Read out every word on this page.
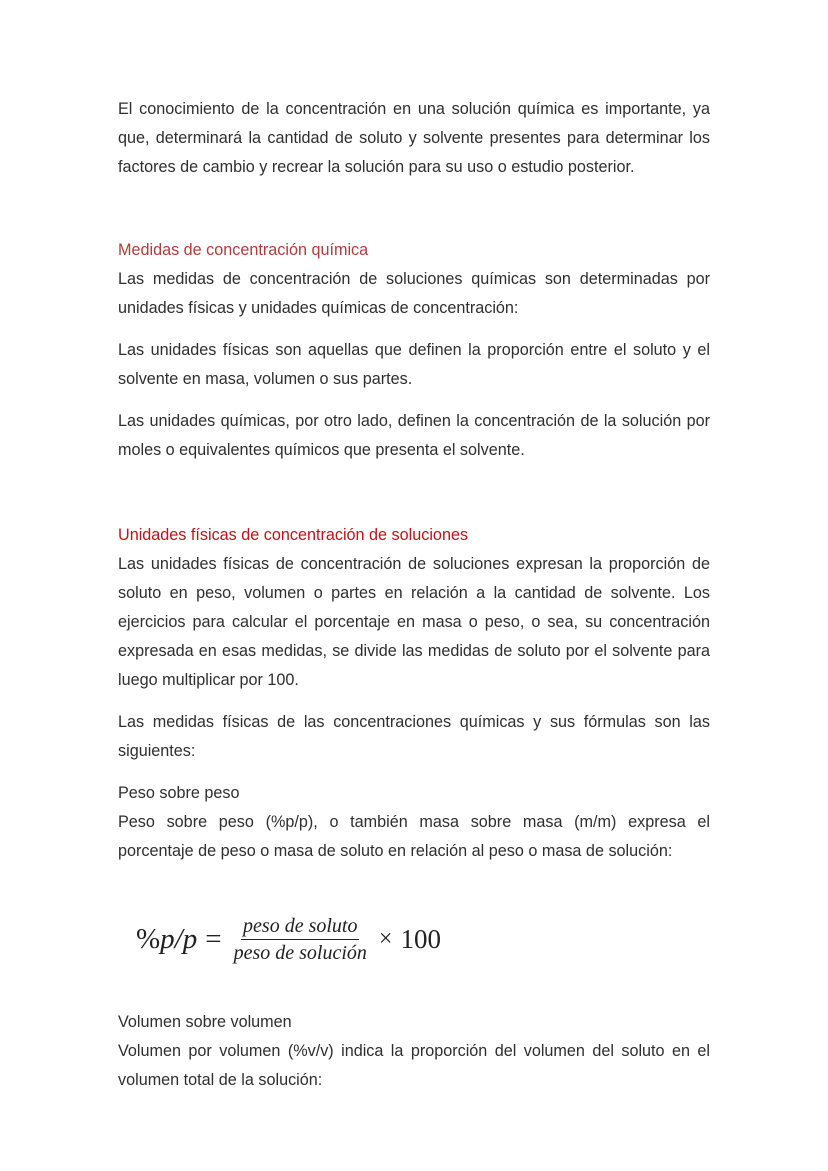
El conocimiento de la concentración en una solución química es importante, ya que, determinará la cantidad de soluto y solvente presentes para determinar los factores de cambio y recrear la solución para su uso o estudio posterior.

Medidas de concentración química

Las medidas de concentración de soluciones químicas son determinadas por unidades físicas y unidades químicas de concentración:

Las unidades físicas son aquellas que definen la proporción entre el soluto y el solvente en masa, volumen o sus partes.

Las unidades químicas, por otro lado, definen la concentración de la solución por moles o equivalentes químicos que presenta el solvente.

Unidades físicas de concentración de soluciones

Las unidades físicas de concentración de soluciones expresan la proporción de soluto en peso, volumen o partes en relación a la cantidad de solvente. Los ejercicios para calcular el porcentaje en masa o peso, o sea, su concentración expresada en esas medidas, se divide las medidas de soluto por el solvente para luego multiplicar por 100.

Las medidas físicas de las concentraciones químicas y sus fórmulas son las siguientes:

Peso sobre peso

Peso sobre peso (%p/p), o también masa sobre masa (m/m) expresa el porcentaje de peso o masa de soluto en relación al peso o masa de solución:

$\%p/p = \frac{\text{peso de soluto}}{\text{peso de solución}} \times 100$
Volumen sobre volumen

Volumen por volumen (%v/v) indica la proporción del volumen del soluto en el volumen total de la solución:
